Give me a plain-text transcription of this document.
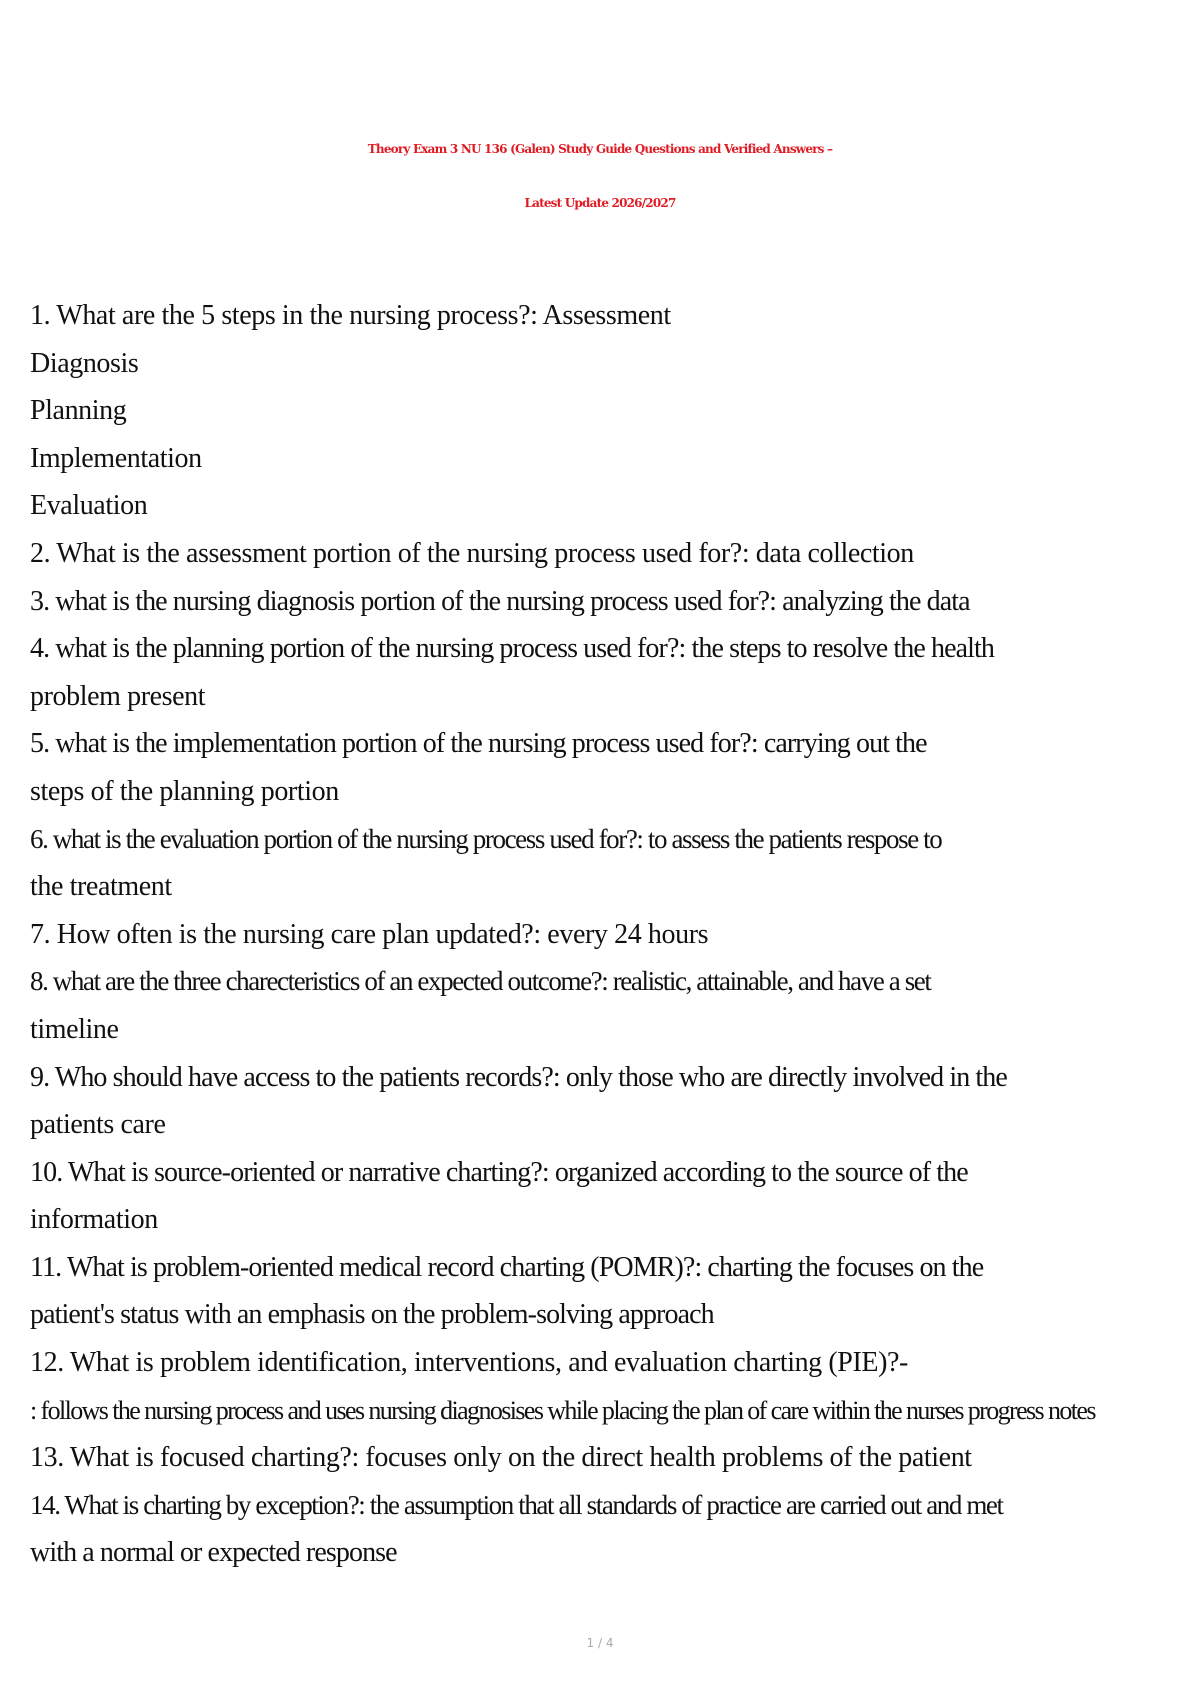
Theory Exam 3 NU 136 (Galen) Study Guide Questions and Verified Answers –
Latest Update 2026/2027
1. What are the 5 steps in the nursing process?: Assessment
Diagnosis
Planning
Implementation
Evaluation
2. What is the assessment portion of the nursing process used for?: data collection
3. what is the nursing diagnosis portion of the nursing process used for?: analyzing the data
4. what is the planning portion of the nursing process used for?: the steps to resolve the health
problem present
5. what is the implementation portion of the nursing process used for?: carrying out the
steps of the planning portion
6. what is the evaluation portion of the nursing process used for?: to assess the patients respose to
the treatment
7. How often is the nursing care plan updated?: every 24 hours
8. what are the three charecteristics of an expected outcome?: realistic, attainable, and have a set
timeline
9. Who should have access to the patients records?: only those who are directly involved in the
patients care
10. What is source-oriented or narrative charting?: organized according to the source of the
information
11. What is problem-oriented medical record charting (POMR)?: charting the focuses on the
patient's status with an emphasis on the problem-solving approach
12. What is problem identification, interventions, and evaluation charting (PIE)?-
: follows the nursing process and uses nursing diagnosises while placing the plan of care within the nurses progress notes
13. What is focused charting?: focuses only on the direct health problems of the patient
14. What is charting by exception?: the assumption that all standards of practice are carried out and met
with a normal or expected response
1 / 4
